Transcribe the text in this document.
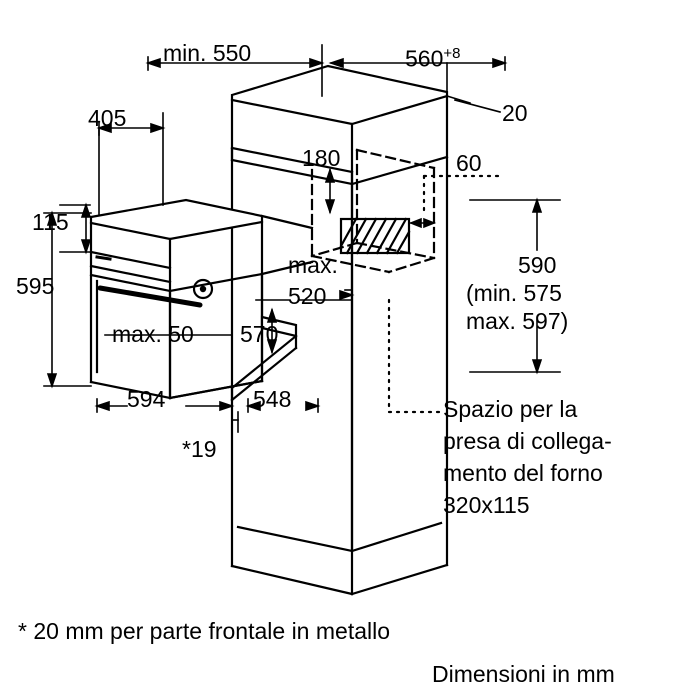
min. 550	$560^{+8}$
20
405
180	60
115
595
max.
520
590
(min. 575
max. 597)
max. 50 570
594	548
*19
Spazio per la
presa di collega-
mento del forno
320x115
* 20 mm per parte frontale in metallo
Dimensioni in mm
